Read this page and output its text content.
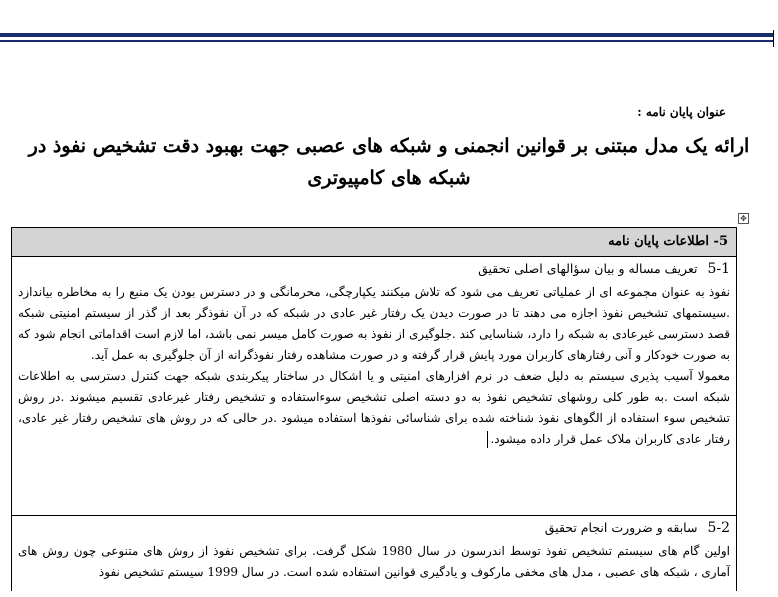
عنوان پایان نامه :
ارائه یک مدل مبتنی بر قوانین انجمنی و شبکه های عصبی جهت بهبود دقت تشخیص نفوذ در شبکه های کامپیوتری
✥
5- اطلاعات پایان نامه
5-1 تعریف مساله و بیان سؤالهای اصلی تحقیق

نفوذ به عنوان مجموعه ای از عملیاتی تعریف می شود که تلاش میکنند یکپارچگی، محرمانگی و در دسترس بودن یک منبع را به مخاطره بیاندازد .سیستمهای تشخیص نفوذ اجازه می دهند تا در صورت دیدن یک رفتار غیر عادی در شبکه که در آن نفوذگر بعد از گذر از سیستم امنیتی شبکه قصد دسترسی غیرعادی به شبکه را دارد، شناسایی کند .جلوگیری از نفوذ به صورت کامل میسر نمی باشد، اما لازم است اقداماتی انجام شود که به صورت خودکار و آنی رفتارهای کاربران مورد پایش قرار گرفته و در صورت مشاهده رفتار نفوذگرانه از آن جلوگیری به عمل آید.

معمولا آسیب پذیری سیستم به دلیل ضعف در نرم افزارهای امنیتی و یا اشکال در ساختار پیکربندی شبکه جهت کنترل دسترسی به اطلاعات شبکه است .به طور کلی روشهای تشخیص نفوذ به دو دسته اصلی تشخیص سوءاستفاده و تشخیص رفتار غیرعادی تقسیم میشوند .در روش تشخیص سوء استفاده از الگوهای نفوذ شناخته شده برای شناسائی نفوذها استفاده میشود .در حالی که در روش های تشخیص رفتار غیر عادی، رفتار عادی کاربران ملاک عمل قرار داده میشود.

5-2 سابقه و ضرورت انجام تحقیق

اولین گام های سیستم تشخیص تفوذ توسط اندرسون در سال 1980 شکل گرفت. برای تشخیص نفوذ از روش های متنوعی چون روش های آماری ، شبکه های عصبی ، مدل های مخفی مارکوف و یادگیری قوانین استفاده شده است. در سال 1999 سیستم تشخیص نفوذ
